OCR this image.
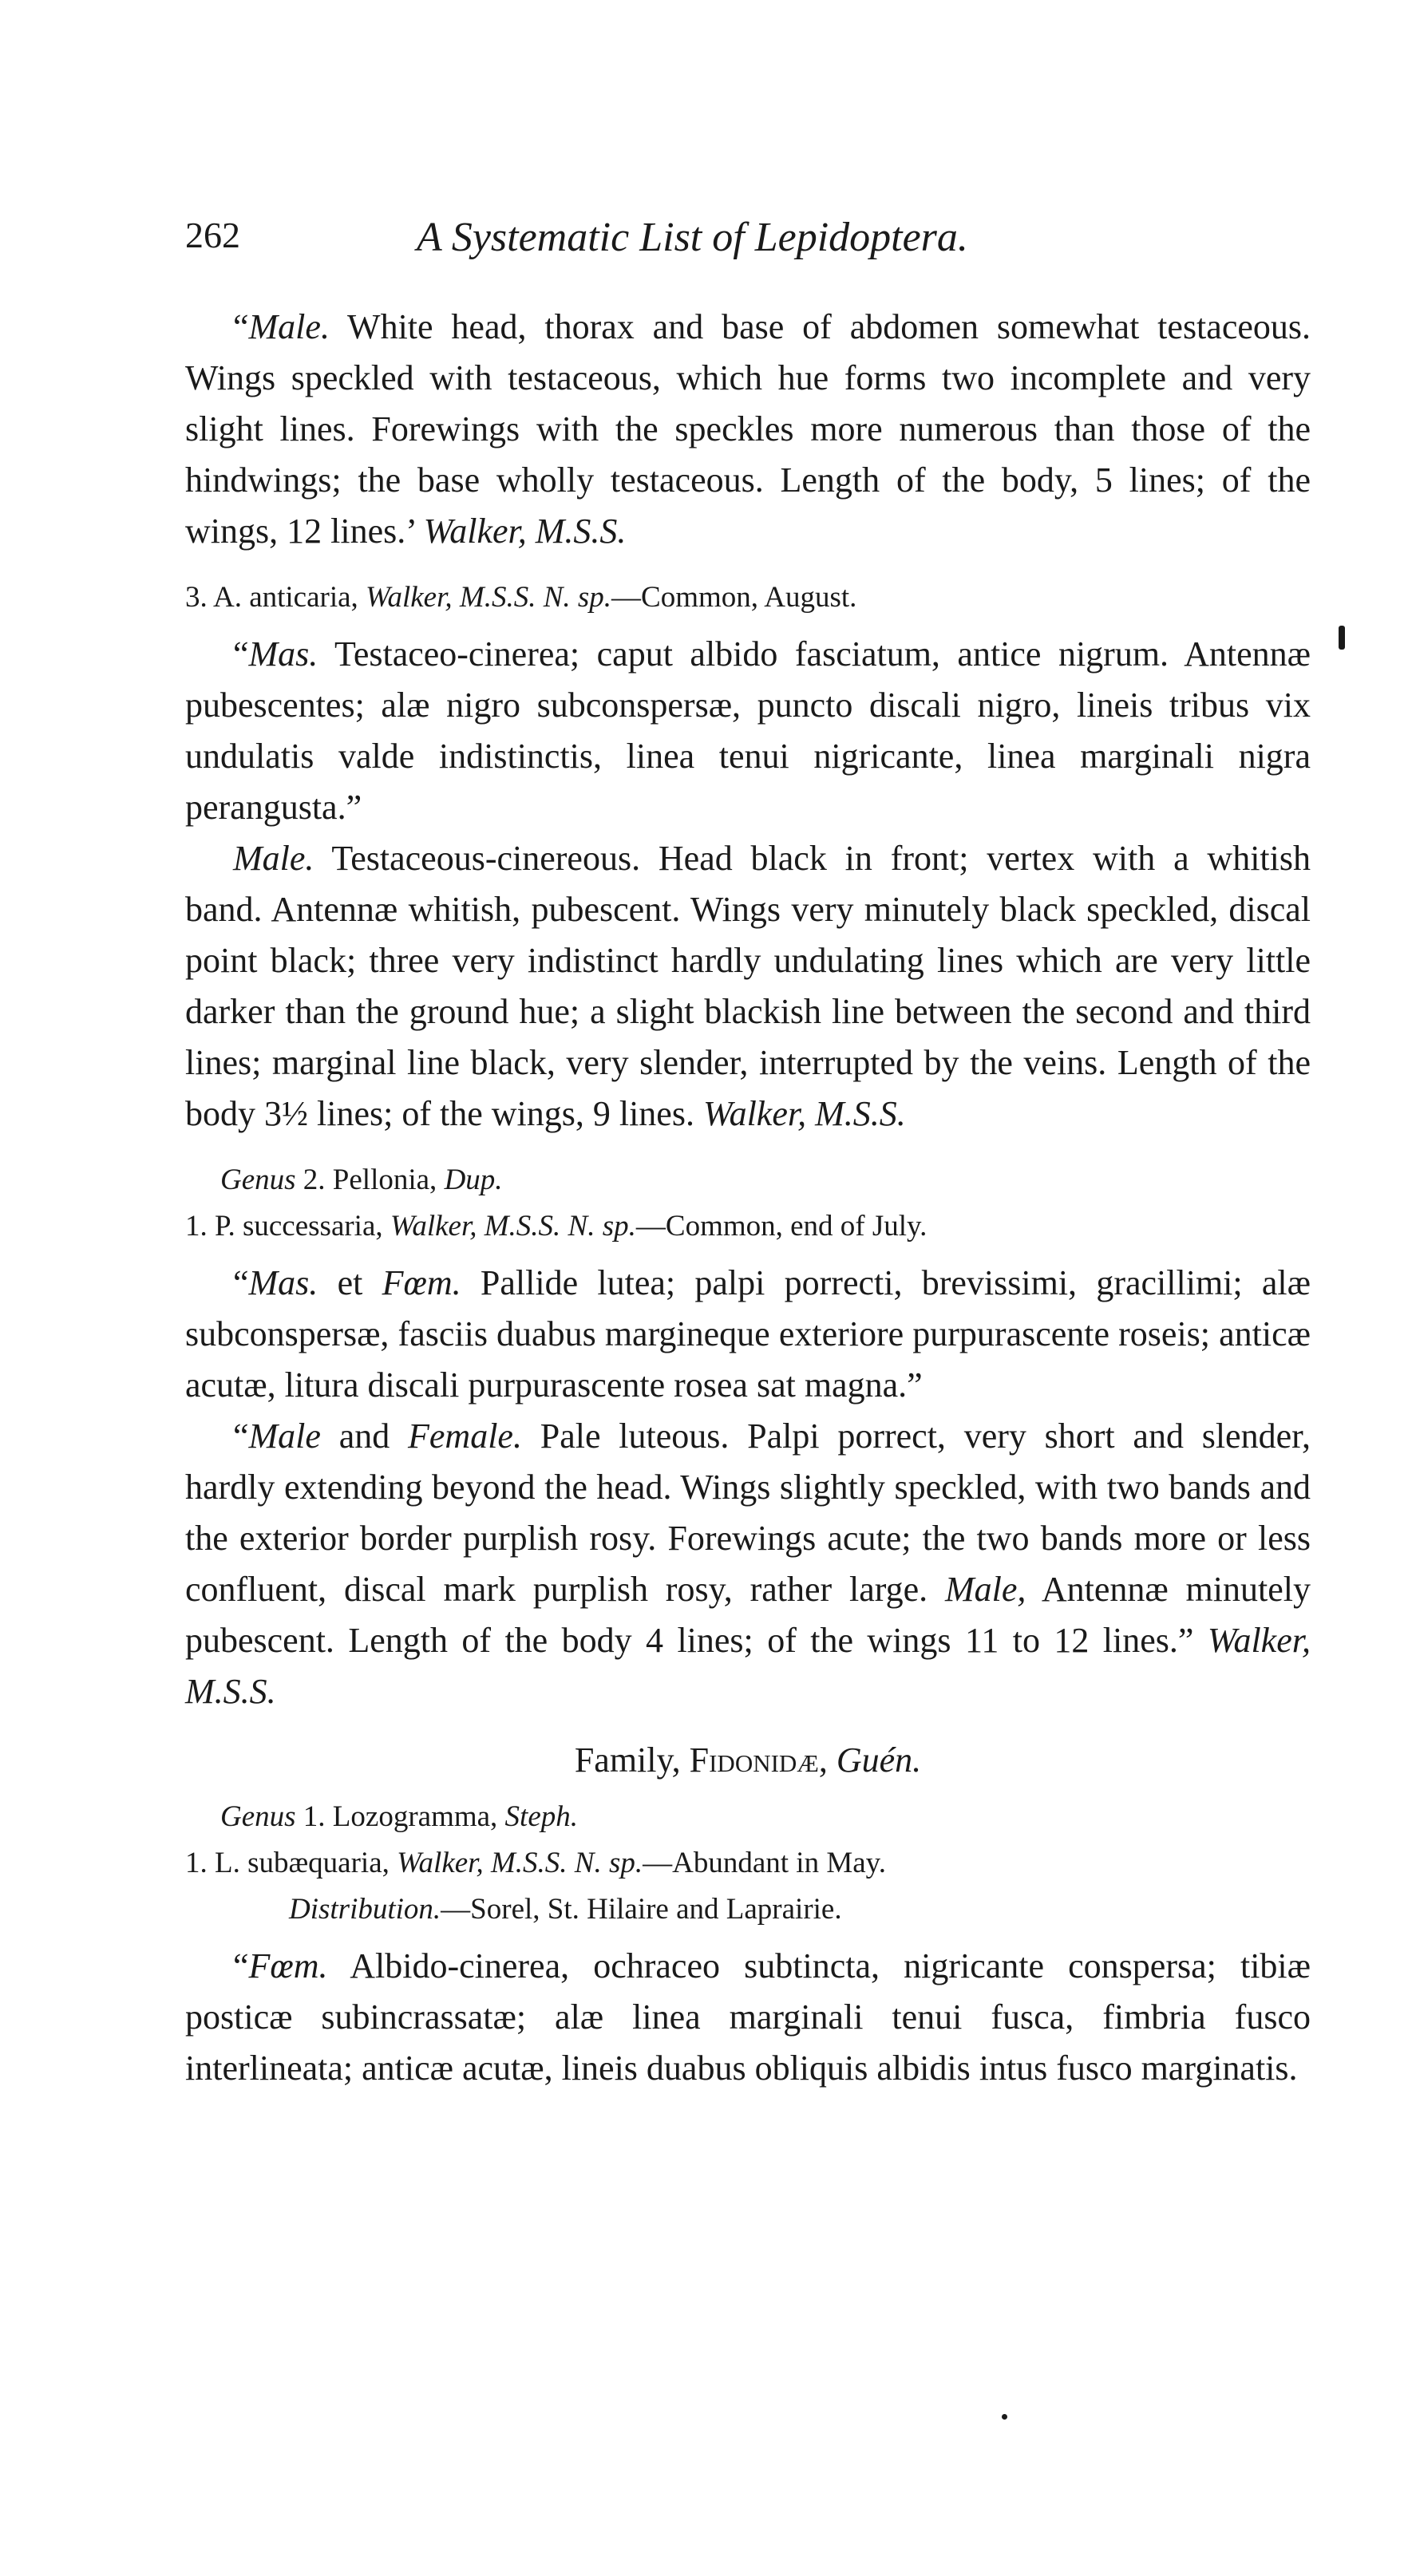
262	A Systematic List of Lepidoptera.

“Male. White head, thorax and base of abdomen somewhat testaceous. Wings speckled with testaceous, which hue forms two incomplete and very slight lines. Forewings with the speckles more numerous than those of the hindwings; the base wholly testaceous. Length of the body, 5 lines; of the wings, 12 lines.’ Walker, M.S.S.

3. A. anticaria, Walker, M.S.S. N. sp.—Common, August.

“Mas. Testaceo-cinerea; caput albido fasciatum, antice nigrum. Antennæ pubescentes; alæ nigro subconspersæ, puncto discali nigro, lineis tribus vix undulatis valde indistinctis, linea tenui nigricante, linea marginali nigra perangusta.”

Male. Testaceous-cinereous. Head black in front; vertex with a whitish band. Antennæ whitish, pubescent. Wings very minutely black speckled, discal point black; three very indistinct hardly undulating lines which are very little darker than the ground hue; a slight blackish line between the second and third lines; marginal line black, very slender, interrupted by the veins. Length of the body 3½ lines; of the wings, 9 lines. Walker, M.S.S.

Genus 2. Pellonia, Dup.

1. P. successaria, Walker, M.S.S. N. sp.—Common, end of July.

“Mas. et Fœm. Pallide lutea; palpi porrecti, brevissimi, gracillimi; alæ subconspersæ, fasciis duabus margineque exteriore purpurascente roseis; anticæ acutæ, litura discali purpurascente rosea sat magna.”

“Male and Female. Pale luteous. Palpi porrect, very short and slender, hardly extending beyond the head. Wings slightly speckled, with two bands and the exterior border purplish rosy. Forewings acute; the two bands more or less confluent, discal mark purplish rosy, rather large. Male, Antennæ minutely pubescent. Length of the body 4 lines; of the wings 11 to 12 lines.” Walker, M.S.S.

Family, Fidonidæ, Guén.

Genus 1. Lozogramma, Steph.

1. L. subæquaria, Walker, M.S.S. N. sp.—Abundant in May.

Distribution.—Sorel, St. Hilaire and Laprairie.

“Fœm. Albido-cinerea, ochraceo subtincta, nigricante conspersa; tibiæ posticæ subincrassatæ; alæ linea marginali tenui fusca, fimbria fusco interlineata; anticæ acutæ, lineis duabus obliquis albidis intus fusco marginatis.
